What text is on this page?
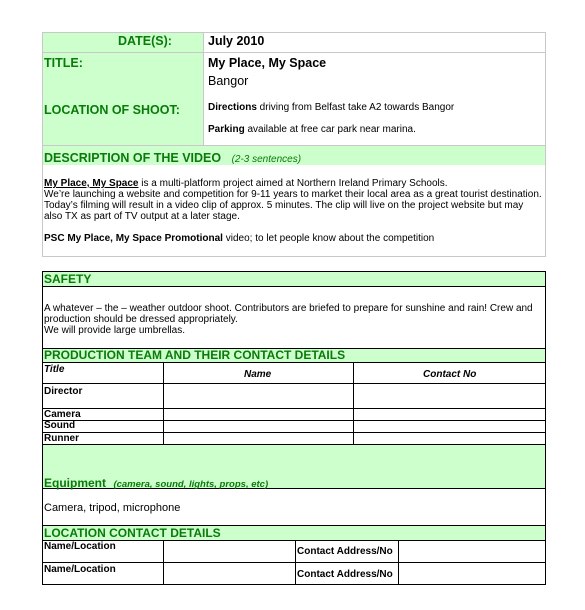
DATE(S):	July 2010
TITLE:	My Place, My Space
Bangor
LOCATION OF SHOOT:	Directions driving from Belfast take A2 towards Bangor
Parking available at free car park near marina.
DESCRIPTION OF THE VIDEO (2-3 sentences)
My Place, My Space is a multi-platform project aimed at Northern Ireland Primary Schools.
We’re launching a website and competition for 9-11 years to market their local area as a great tourist destination.
Today’s filming will result in a video clip of approx. 5 minutes. The clip will live on the project website but may
also TX as part of TV output at a later stage.
PSC My Place, My Space Promotional video; to let people know about the competition
SAFETY
A whatever – the – weather outdoor shoot. Contributors are briefed to prepare for sunshine and rain! Crew and
production should be dressed appropriately.
We will provide large umbrellas.
PRODUCTION TEAM AND THEIR CONTACT DETAILS
Title	Name	Contact No
Director
Camera
Sound
Runner
Equipment (camera, sound, lights, props, etc)
Camera, tripod, microphone
LOCATION CONTACT DETAILS
Name/Location	Contact Address/No
Name/Location	Contact Address/No
